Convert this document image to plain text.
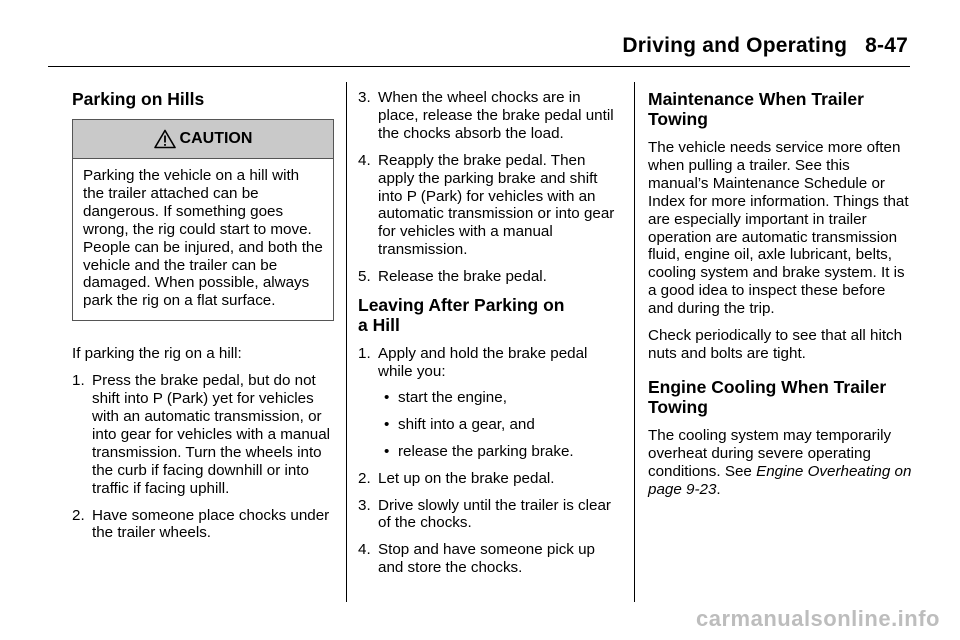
Driving and Operating 8-47
Parking on Hills
CAUTION
Parking the vehicle on a hill with the trailer attached can be dangerous. If something goes wrong, the rig could start to move. People can be injured, and both the vehicle and the trailer can be damaged. When possible, always park the rig on a flat surface.

If parking the rig on a hill:

1. Press the brake pedal, but do not shift into P (Park) yet for vehicles with an automatic transmission, or into gear for vehicles with a manual transmission. Turn the wheels into the curb if facing downhill or into traffic if facing uphill.
2. Have someone place chocks under the trailer wheels.
3. When the wheel chocks are in place, release the brake pedal until the chocks absorb the load.
4. Reapply the brake pedal. Then apply the parking brake and shift into P (Park) for vehicles with an automatic transmission or into gear for vehicles with a manual transmission.
5. Release the brake pedal.
Leaving After Parking on a Hill
1. Apply and hold the brake pedal while you:
• start the engine,
• shift into a gear, and
• release the parking brake.
2. Let up on the brake pedal.
3. Drive slowly until the trailer is clear of the chocks.
4. Stop and have someone pick up and store the chocks.
Maintenance When Trailer Towing

The vehicle needs service more often when pulling a trailer. See this manual’s Maintenance Schedule or Index for more information. Things that are especially important in trailer operation are automatic transmission fluid, engine oil, axle lubricant, belts, cooling system and brake system. It is a good idea to inspect these before and during the trip.

Check periodically to see that all hitch nuts and bolts are tight.

Engine Cooling When Trailer Towing

The cooling system may temporarily overheat during severe operating conditions. See Engine Overheating on page 9-23.

carmanualsonline.info
